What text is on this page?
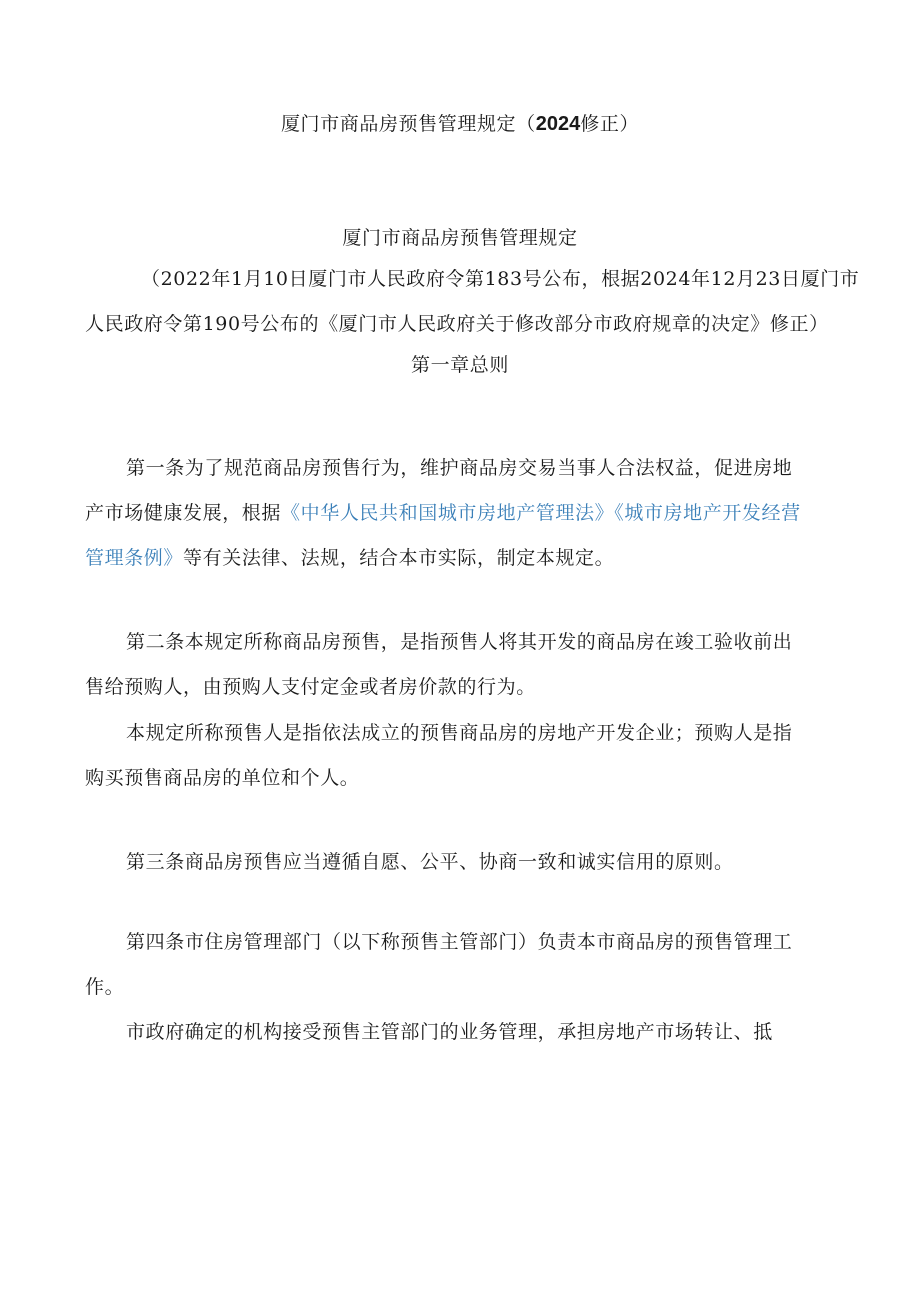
厦门市商品房预售管理规定（2024修正）
厦门市商品房预售管理规定
（2022年1月10日厦门市人民政府令第183号公布，根据2024年12月23日厦门市
人民政府令第190号公布的《厦门市人民政府关于修改部分市政府规章的决定》修正）
第一章总则
第一条为了规范商品房预售行为，维护商品房交易当事人合法权益，促进房地
产市场健康发展，根据《中华人民共和国城市房地产管理法》《城市房地产开发经营
管理条例》等有关法律、法规，结合本市实际，制定本规定。
第二条本规定所称商品房预售，是指预售人将其开发的商品房在竣工验收前出
售给预购人，由预购人支付定金或者房价款的行为。
本规定所称预售人是指依法成立的预售商品房的房地产开发企业；预购人是指
购买预售商品房的单位和个人。
第三条商品房预售应当遵循自愿、公平、协商一致和诚实信用的原则。
第四条市住房管理部门（以下称预售主管部门）负责本市商品房的预售管理工
作。
市政府确定的机构接受预售主管部门的业务管理，承担房地产市场转让、抵
